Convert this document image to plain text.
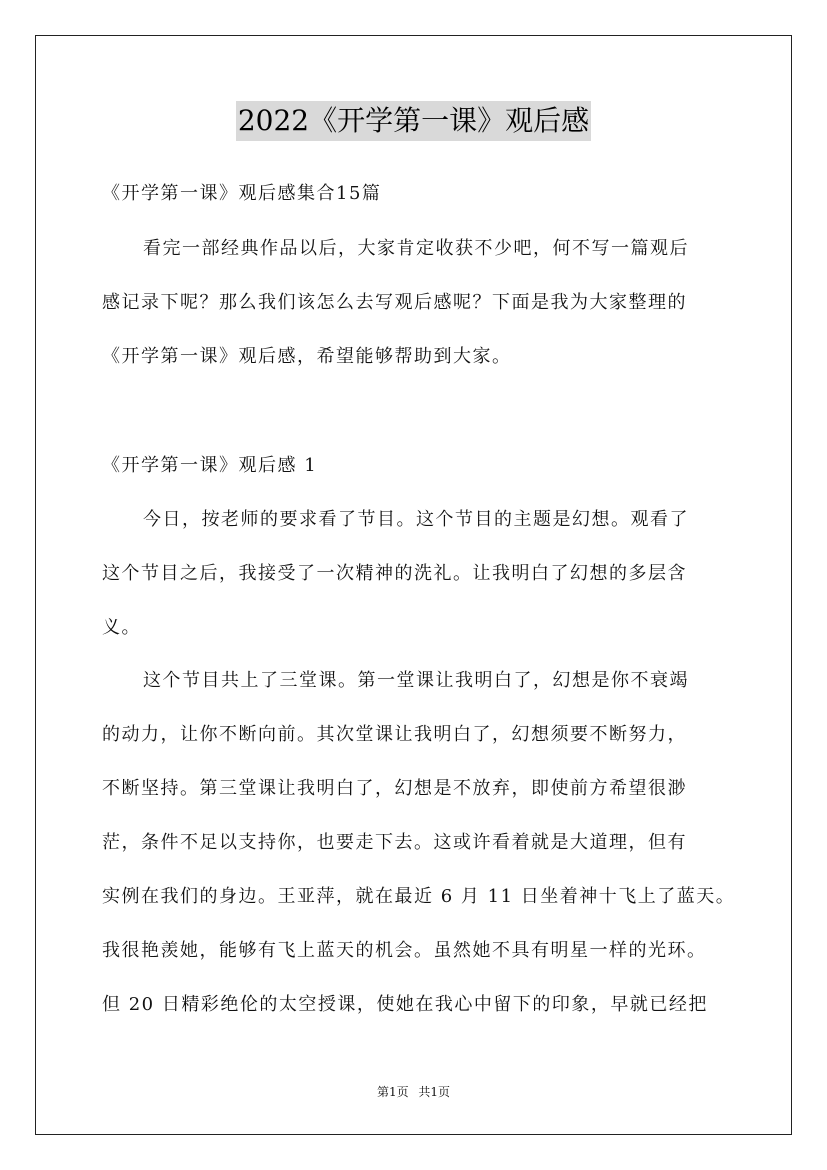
2022《开学第一课》观后感
《开学第一课》观后感集合15篇
看完一部经典作品以后，大家肯定收获不少吧，何不写一篇观后
感记录下呢？那么我们该怎么去写观后感呢？下面是我为大家整理的
《开学第一课》观后感，希望能够帮助到大家。
《开学第一课》观后感 1
今日，按老师的要求看了节目。这个节目的主题是幻想。观看了
这个节目之后，我接受了一次精神的洗礼。让我明白了幻想的多层含
义。
这个节目共上了三堂课。第一堂课让我明白了，幻想是你不衰竭
的动力，让你不断向前。其次堂课让我明白了，幻想须要不断努力，
不断坚持。第三堂课让我明白了，幻想是不放弃，即使前方希望很渺
茫，条件不足以支持你，也要走下去。这或许看着就是大道理，但有
实例在我们的身边。王亚萍，就在最近 6 月 11 日坐着神十飞上了蓝天。
我很艳羡她，能够有飞上蓝天的机会。虽然她不具有明星一样的光环。
但 20 日精彩绝伦的太空授课，使她在我心中留下的印象，早就已经把
第1页 共1页
